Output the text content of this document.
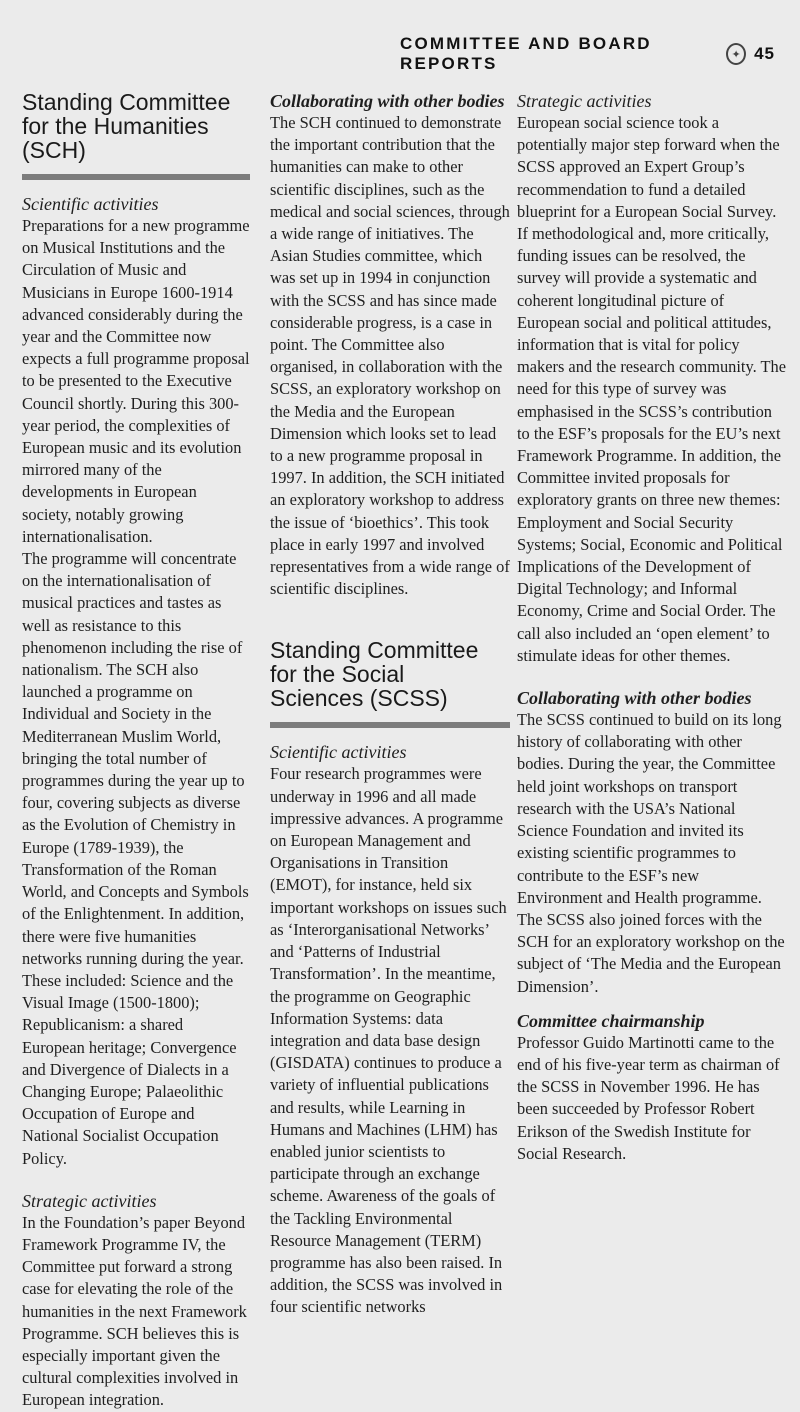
COMMITTEE AND BOARD REPORTS	✦ 45
Standing Committee
for the Humanities
(SCH)
Scientific activities

Preparations for a new programme on Musical Institutions and the Circulation of Music and Musicians in Europe 1600-1914 advanced considerably during the year and the Committee now expects a full programme proposal to be presented to the Executive Council shortly. During this 300-year period, the complexities of European music and its evolution mirrored many of the developments in European society, notably growing internationalisation.

The programme will concentrate on the internationalisation of musical practices and tastes as well as resistance to this phenomenon including the rise of nationalism. The SCH also launched a programme on Individual and Society in the Mediterranean Muslim World, bringing the total number of programmes during the year up to four, covering subjects as diverse as the Evolution of Chemistry in Europe (1789-1939), the Transformation of the Roman World, and Concepts and Symbols of the Enlightenment. In addition, there were five humanities networks running during the year. These included: Science and the Visual Image (1500-1800); Republicanism: a shared European heritage; Convergence and Divergence of Dialects in a Changing Europe; Palaeolithic Occupation of Europe and National Socialist Occupation Policy.

Strategic activities

In the Foundation’s paper Beyond Framework Programme IV, the Committee put forward a strong case for elevating the role of the humanities in the next Framework Programme. SCH believes this is especially important given the cultural complexities involved in European integration.

Collaborating with other bodies

The SCH continued to demonstrate the important contribution that the humanities can make to other scientific disciplines, such as the medical and social sciences, through a wide range of initiatives. The Asian Studies committee, which was set up in 1994 in conjunction with the SCSS and has since made considerable progress, is a case in point. The Committee also organised, in collaboration with the SCSS, an exploratory workshop on the Media and the European Dimension which looks set to lead to a new programme proposal in 1997. In addition, the SCH initiated an exploratory workshop to address the issue of ‘bioethics’. This took place in early 1997 and involved representatives from a wide range of scientific disciplines.

Standing Committee
for the Social
Sciences (SCSS)
Scientific activities

Four research programmes were underway in 1996 and all made impressive advances. A programme on European Management and Organisations in Transition (EMOT), for instance, held six important workshops on issues such as ‘Interorganisational Networks’ and ‘Patterns of Industrial Transformation’. In the meantime, the programme on Geographic Information Systems: data integration and data base design (GISDATA) continues to produce a variety of influential publications and results, while Learning in Humans and Machines (LHM) has enabled junior scientists to participate through an exchange scheme. Awareness of the goals of the Tackling Environmental Resource Management (TERM) programme has also been raised. In addition, the SCSS was involved in four scientific networks

Strategic activities

European social science took a potentially major step forward when the SCSS approved an Expert Group’s recommendation to fund a detailed blueprint for a European Social Survey. If methodological and, more critically, funding issues can be resolved, the survey will provide a systematic and coherent longitudinal picture of European social and political attitudes, information that is vital for policy makers and the research community. The need for this type of survey was emphasised in the SCSS’s contribution to the ESF’s proposals for the EU’s next Framework Programme. In addition, the Committee invited proposals for exploratory grants on three new themes: Employment and Social Security Systems; Social, Economic and Political Implications of the Development of Digital Technology; and Informal Economy, Crime and Social Order. The call also included an ‘open element’ to stimulate ideas for other themes.

Collaborating with other bodies

The SCSS continued to build on its long history of collaborating with other bodies. During the year, the Committee held joint workshops on transport research with the USA’s National Science Foundation and invited its existing scientific programmes to contribute to the ESF’s new Environment and Health programme. The SCSS also joined forces with the SCH for an exploratory workshop on the subject of ‘The Media and the European Dimension’.

Committee chairmanship

Professor Guido Martinotti came to the end of his five-year term as chairman of the SCSS in November 1996. He has been succeeded by Professor Robert Erikson of the Swedish Institute for Social Research.
